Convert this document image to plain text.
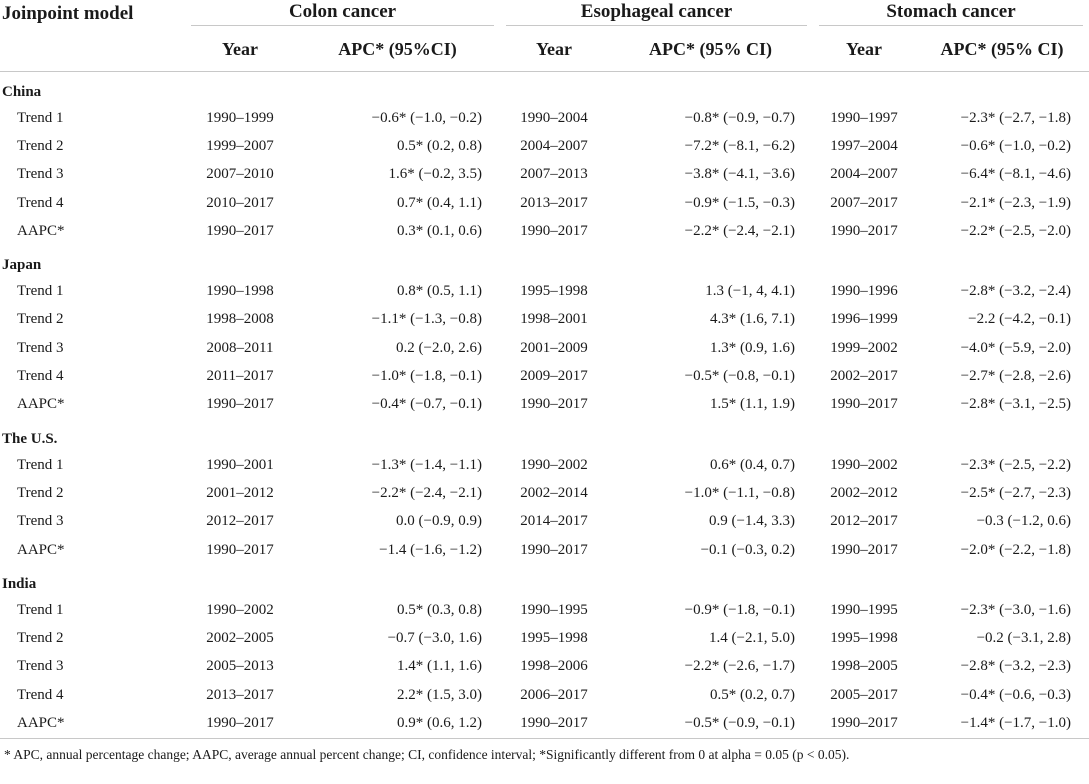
Joinpoint model	Colon cancer		Esophageal cancer		Stomach cancer	

	Year	APC* (95%CI)	Year	APC* (95% CI)	Year	APC* (95% CI)
China						
Trend 1	1990–1999	−0.6* (−1.0, −0.2)	1990–2004	−0.8* (−0.9, −0.7)	1990–1997	−2.3* (−2.7, −1.8)
Trend 2	1999–2007	0.5* (0.2, 0.8)	2004–2007	−7.2* (−8.1, −6.2)	1997–2004	−0.6* (−1.0, −0.2)
Trend 3	2007–2010	1.6* (−0.2, 3.5)	2007–2013	−3.8* (−4.1, −3.6)	2004–2007	−6.4* (−8.1, −4.6)
Trend 4	2010–2017	0.7* (0.4, 1.1)	2013–2017	−0.9* (−1.5, −0.3)	2007–2017	−2.1* (−2.3, −1.9)
AAPC*	1990–2017	0.3* (0.1, 0.6)	1990–2017	−2.2* (−2.4, −2.1)	1990–2017	−2.2* (−2.5, −2.0)
Japan						
Trend 1	1990–1998	0.8* (0.5, 1.1)	1995–1998	1.3 (−1, 4, 4.1)	1990–1996	−2.8* (−3.2, −2.4)
Trend 2	1998–2008	−1.1* (−1.3, −0.8)	1998–2001	4.3* (1.6, 7.1)	1996–1999	−2.2 (−4.2, −0.1)
Trend 3	2008–2011	0.2 (−2.0, 2.6)	2001–2009	1.3* (0.9, 1.6)	1999–2002	−4.0* (−5.9, −2.0)
Trend 4	2011–2017	−1.0* (−1.8, −0.1)	2009–2017	−0.5* (−0.8, −0.1)	2002–2017	−2.7* (−2.8, −2.6)
AAPC*	1990–2017	−0.4* (−0.7, −0.1)	1990–2017	1.5* (1.1, 1.9)	1990–2017	−2.8* (−3.1, −2.5)
The U.S.						
Trend 1	1990–2001	−1.3* (−1.4, −1.1)	1990–2002	0.6* (0.4, 0.7)	1990–2002	−2.3* (−2.5, −2.2)
Trend 2	2001–2012	−2.2* (−2.4, −2.1)	2002–2014	−1.0* (−1.1, −0.8)	2002–2012	−2.5* (−2.7, −2.3)
Trend 3	2012–2017	0.0 (−0.9, 0.9)	2014–2017	0.9 (−1.4, 3.3)	2012–2017	−0.3 (−1.2, 0.6)
AAPC*	1990–2017	−1.4 (−1.6, −1.2)	1990–2017	−0.1 (−0.3, 0.2)	1990–2017	−2.0* (−2.2, −1.8)
India						
Trend 1	1990–2002	0.5* (0.3, 0.8)	1990–1995	−0.9* (−1.8, −0.1)	1990–1995	−2.3* (−3.0, −1.6)
Trend 2	2002–2005	−0.7 (−3.0, 1.6)	1995–1998	1.4 (−2.1, 5.0)	1995–1998	−0.2 (−3.1, 2.8)
Trend 3	2005–2013	1.4* (1.1, 1.6)	1998–2006	−2.2* (−2.6, −1.7)	1998–2005	−2.8* (−3.2, −2.3)
Trend 4	2013–2017	2.2* (1.5, 3.0)	2006–2017	0.5* (0.2, 0.7)	2005–2017	−0.4* (−0.6, −0.3)
AAPC*	1990–2017	0.9* (0.6, 1.2)	1990–2017	−0.5* (−0.9, −0.1)	1990–2017	−1.4* (−1.7, −1.0)
* APC, annual percentage change; AAPC, average annual percent change; CI, confidence interval; *Significantly different from 0 at alpha = 0.05 (p < 0.05).
